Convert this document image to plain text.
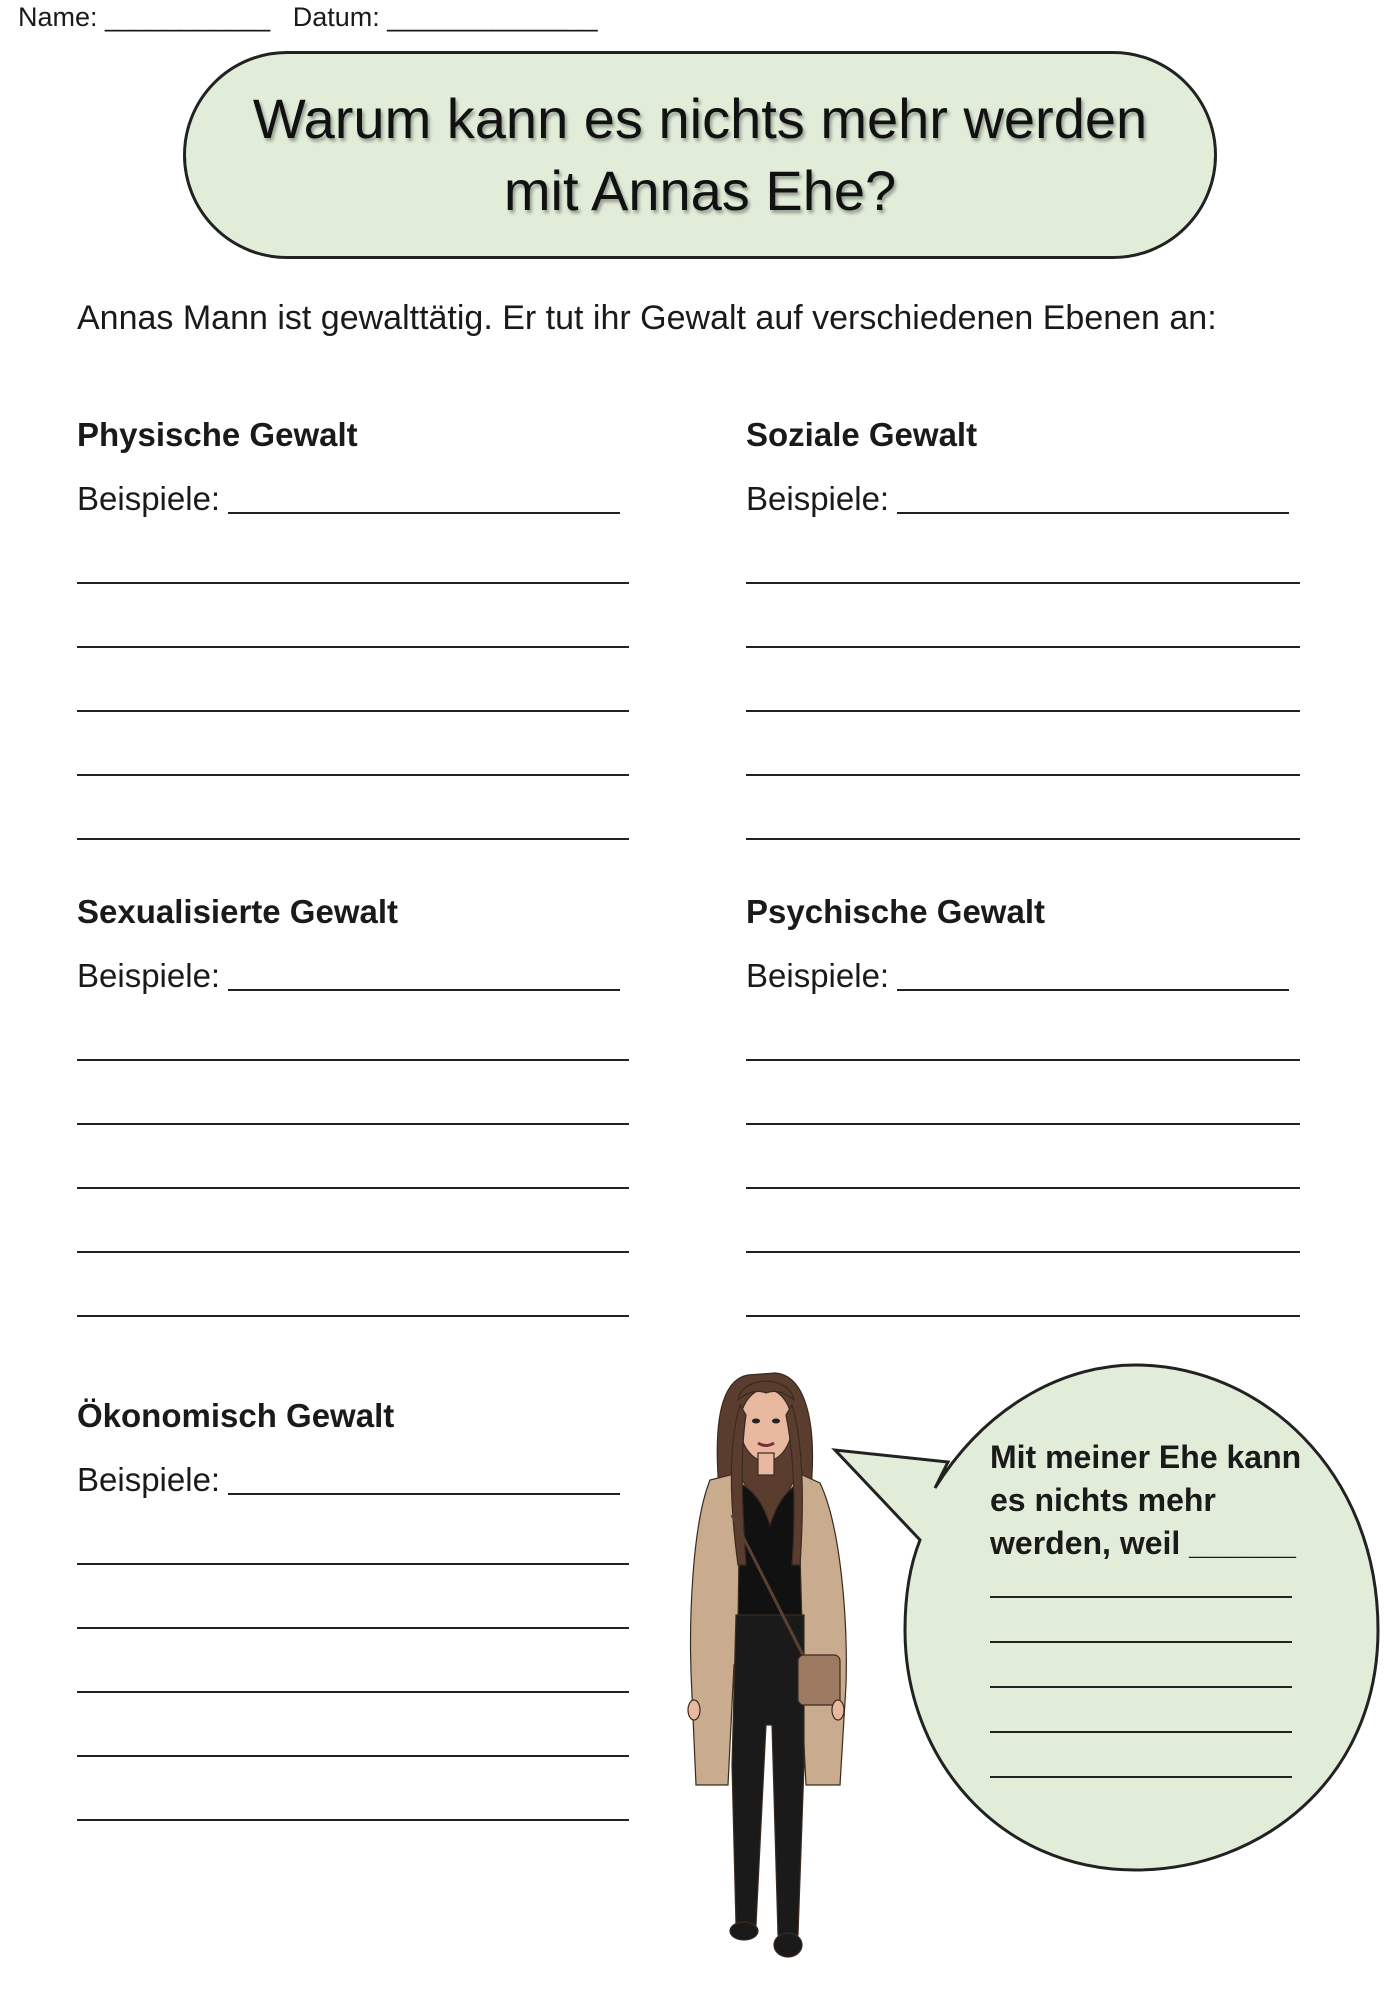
Name: ___________ Datum: ______________
Warum kann es nichts mehr werden
mit Annas Ehe?
Annas Mann ist gewalttätig. Er tut ihr Gewalt auf verschiedenen Ebenen an:
Physische Gewalt
Beispiele:
Soziale Gewalt
Beispiele:
Sexualisierte Gewalt
Beispiele:
Psychische Gewalt
Beispiele:
Ökonomisch Gewalt
Beispiele:
Mit meiner Ehe kann
es nichts mehr
werden, weil ______
